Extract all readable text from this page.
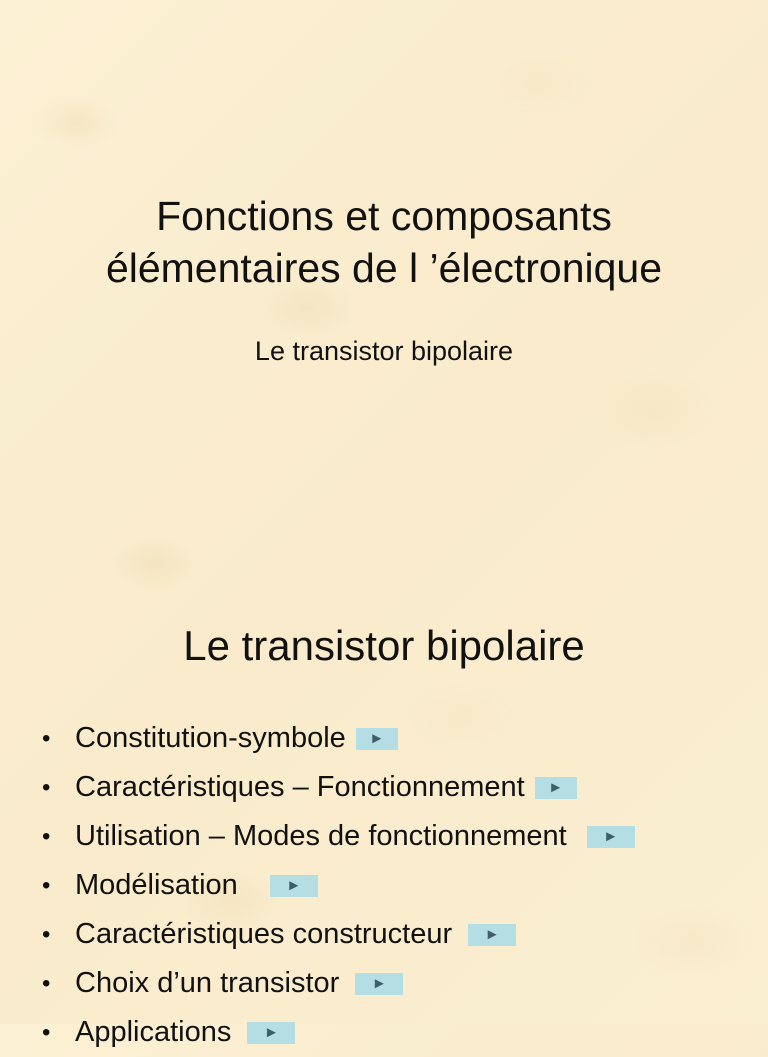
Fonctions et composants
élémentaires de l ’électronique

Le transistor bipolaire

Le transistor bipolaire
• Constitution-symbole	►
• Caractéristiques – Fonctionnement	►
• Utilisation – Modes de fonctionnement	►
• Modélisation	►
• Caractéristiques constructeur	►
• Choix d’un transistor	►
• Applications	►
